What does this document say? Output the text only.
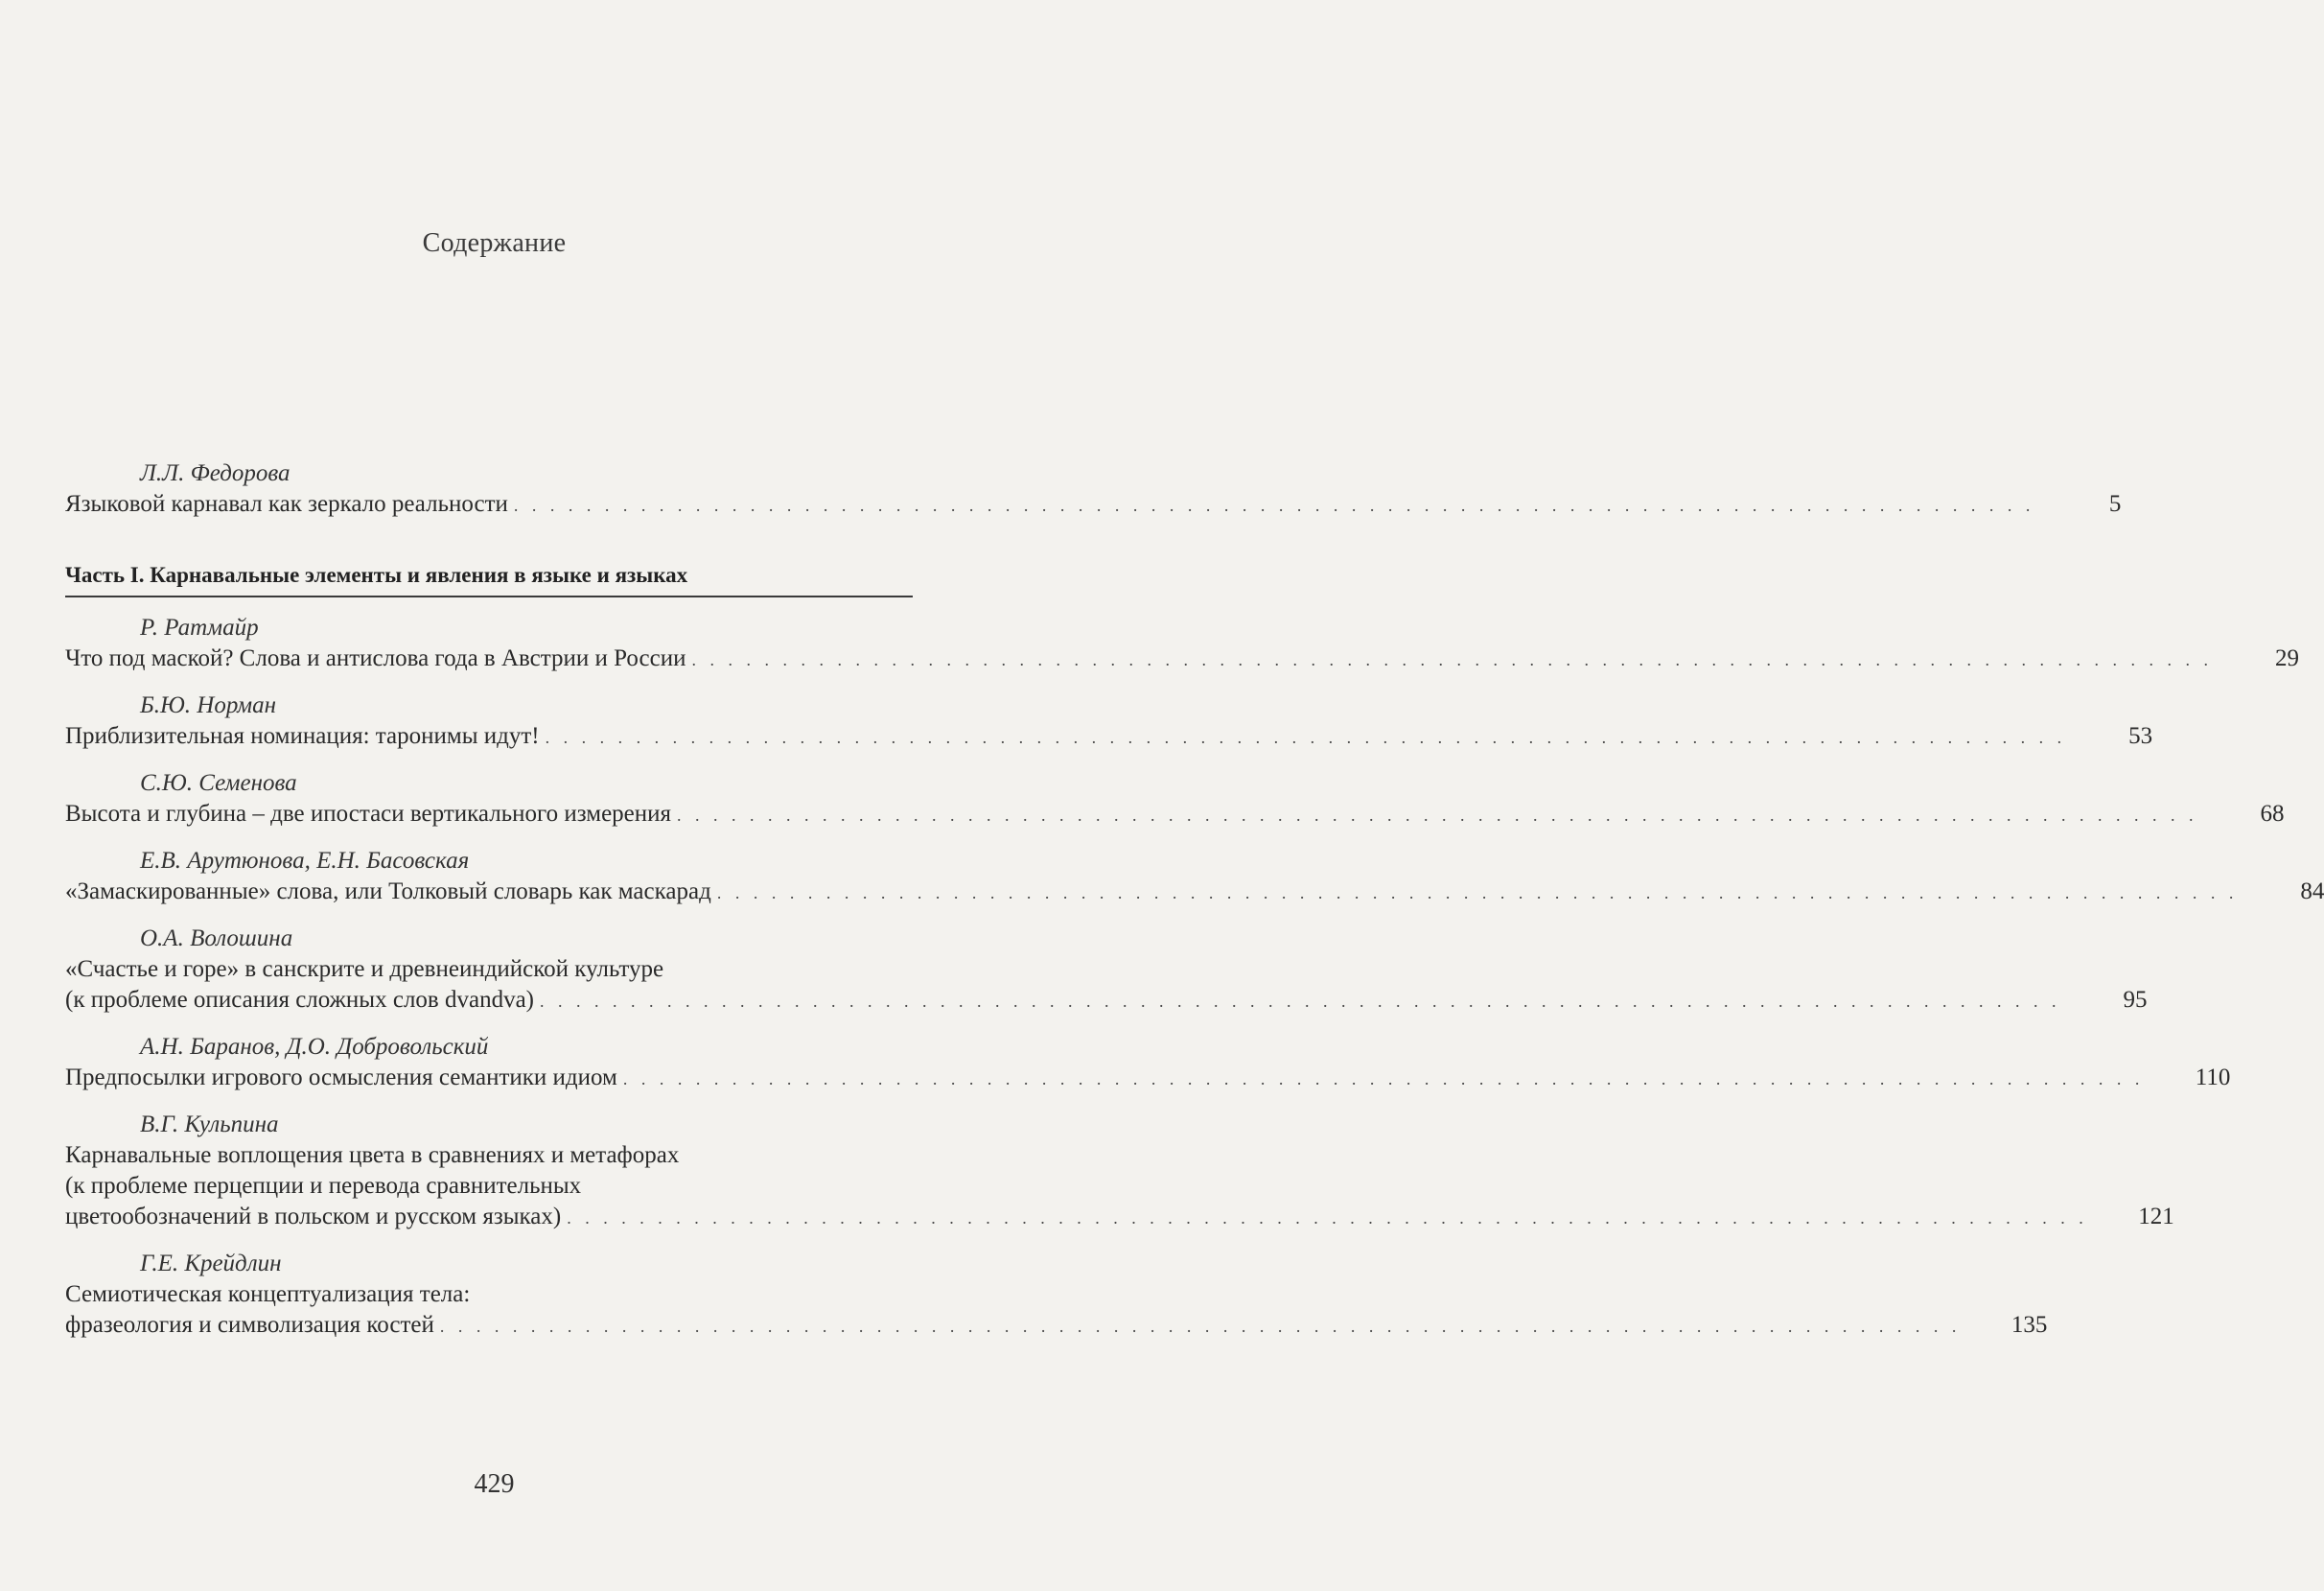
Содержание
Л.Л. Федорова
Языковой карнавал как зеркало реальности . . . . . . . . . . . . . . . . . . . . . . . . . . . . . . . . . . . . . . . . . . . . . . . . . . . . . . . . . . . . . . . . . . . . . . . . . . . . . . . . . . . .	5
Часть I. Карнавальные элементы и явления в языке и языках
Р. Ратмайр
Что под маской? Слова и антислова года в Австрии и России . . . . . . . . . . . . . . . . . . . . . . . . . . . . . . . . . . . . . . . . . . . . . . . . . . . . . . . . . . . . . . . . . . . . . . . . . . . . . . . . . . . .	29
Б.Ю. Норман
Приблизительная номинация: таронимы идут! . . . . . . . . . . . . . . . . . . . . . . . . . . . . . . . . . . . . . . . . . . . . . . . . . . . . . . . . . . . . . . . . . . . . . . . . . . . . . . . . . . . .	53
С.Ю. Семенова
Высота и глубина – две ипостаси вертикального измерения . . . . . . . . . . . . . . . . . . . . . . . . . . . . . . . . . . . . . . . . . . . . . . . . . . . . . . . . . . . . . . . . . . . . . . . . . . . . . . . . . . . .	68
Е.В. Арутюнова, Е.Н. Басовская
«Замаскированные» слова, или Толковый словарь как маскарад . . . . . . . . . . . . . . . . . . . . . . . . . . . . . . . . . . . . . . . . . . . . . . . . . . . . . . . . . . . . . . . . . . . . . . . . . . . . . . . . . . . .	84
О.А. Волошина
«Счастье и горе» в санскрите и древнеиндийской культуре
(к проблеме описания сложных слов dvandva) . . . . . . . . . . . . . . . . . . . . . . . . . . . . . . . . . . . . . . . . . . . . . . . . . . . . . . . . . . . . . . . . . . . . . . . . . . . . . . . . . . . .	95
А.Н. Баранов, Д.О. Добровольский
Предпосылки игрового осмысления семантики идиом . . . . . . . . . . . . . . . . . . . . . . . . . . . . . . . . . . . . . . . . . . . . . . . . . . . . . . . . . . . . . . . . . . . . . . . . . . . . . . . . . . . .	110
В.Г. Кульпина
Карнавальные воплощения цвета в сравнениях и метафорах
(к проблеме перцепции и перевода сравнительных
цветообозначений в польском и русском языках) . . . . . . . . . . . . . . . . . . . . . . . . . . . . . . . . . . . . . . . . . . . . . . . . . . . . . . . . . . . . . . . . . . . . . . . . . . . . . . . . . . . .	121
Г.Е. Крейдлин
Семиотическая концептуализация тела:
фразеология и символизация костей . . . . . . . . . . . . . . . . . . . . . . . . . . . . . . . . . . . . . . . . . . . . . . . . . . . . . . . . . . . . . . . . . . . . . . . . . . . . . . . . . . . .	135
429
